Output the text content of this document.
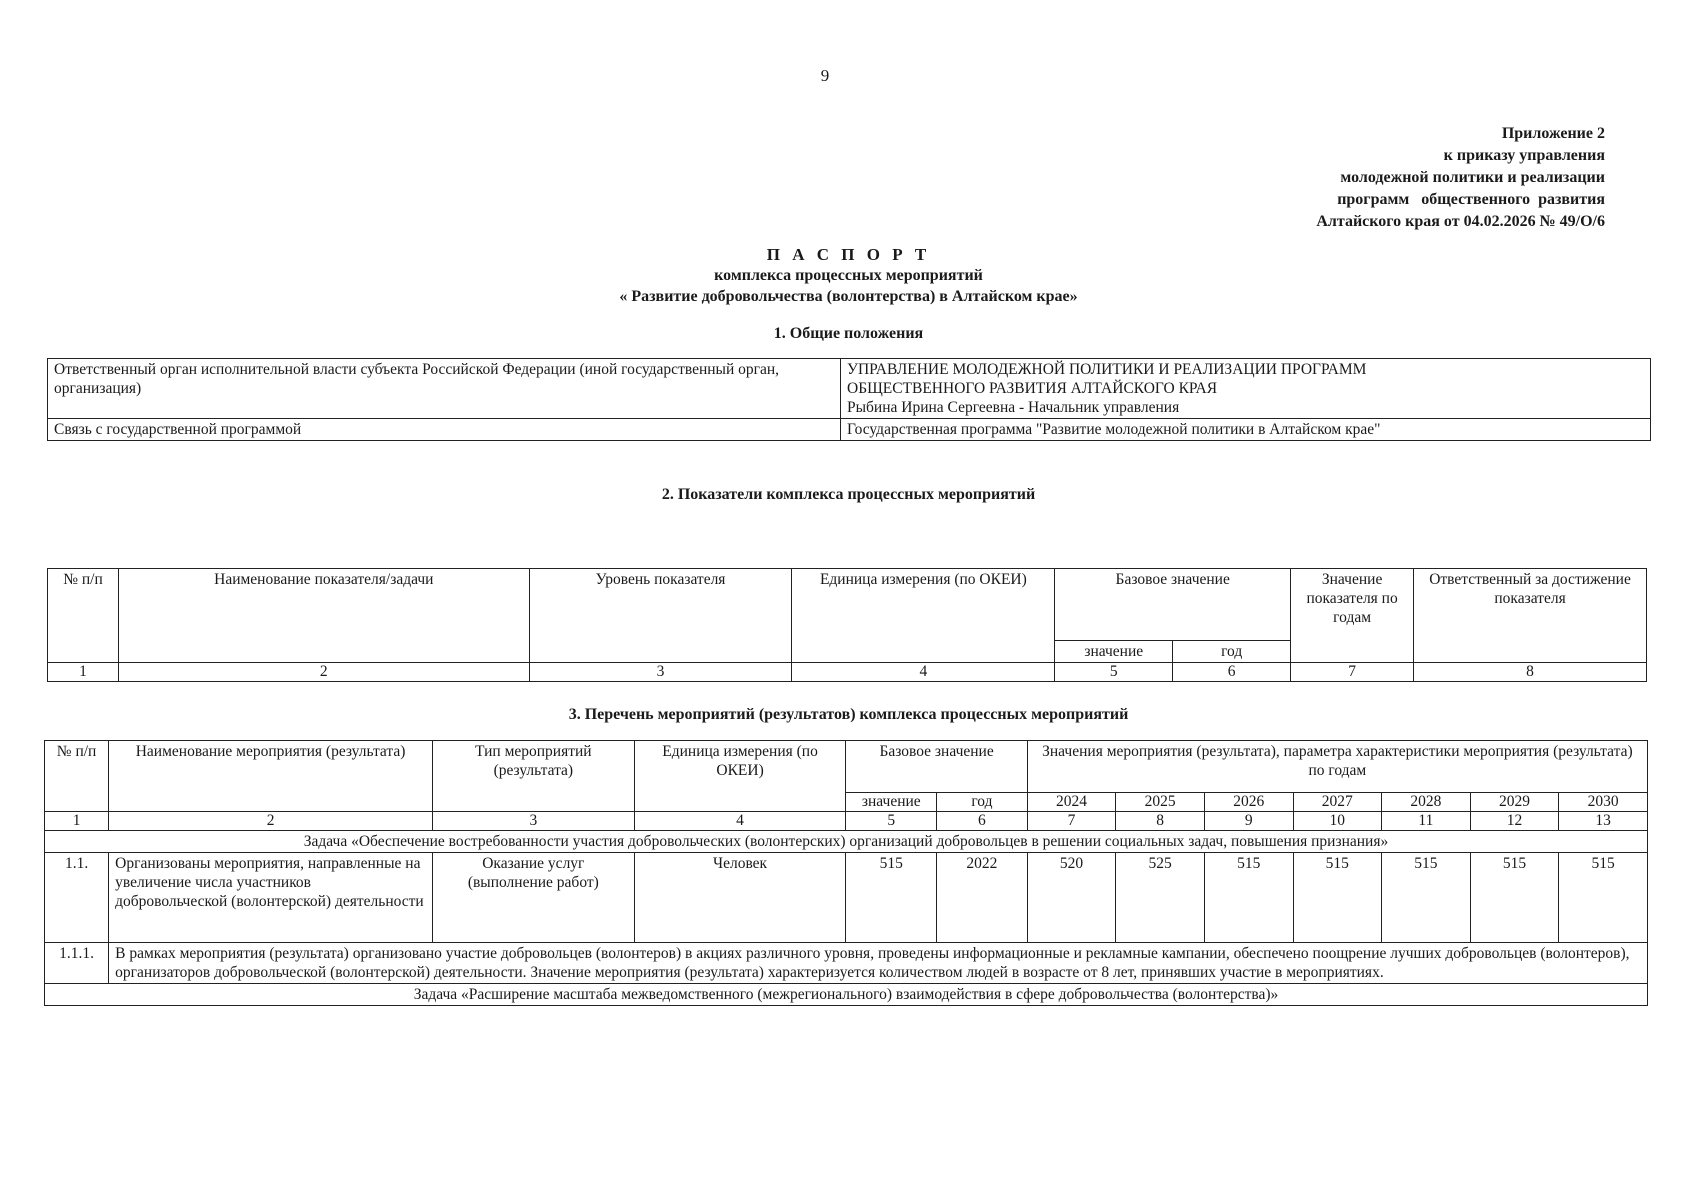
9
Приложение 2
к приказу управления
молодежной политики и реализации
программ   общественного  развития
Алтайского края от 04.02.2026 № 49/О/6
П А С П О Р Т
комплекса процессных мероприятий
« Развитие добровольчества (волонтерства) в Алтайском крае»
1. Общие положения
Ответственный орган исполнительной власти субъекта Российской Федерации (иной государственный орган, организация)	УПРАВЛЕНИЕ МОЛОДЕЖНОЙ ПОЛИТИКИ И РЕАЛИЗАЦИИ ПРОГРАММ
ОБЩЕСТВЕННОГО РАЗВИТИЯ АЛТАЙСКОГО КРАЯ
Рыбина Ирина Сергеевна - Начальник управления

Связь с государственной программой	Государственная программа "Развитие молодежной политики в Алтайском крае"
2. Показатели комплекса процессных мероприятий
№ п/п	Наименование показателя/задачи	Уровень показателя	Единица измерения (по ОКЕИ)	Базовое значение		Значение показателя по годам	Ответственный за достижение показателя
				значение	год		
1	2	3	4	5	6	7	8
3. Перечень мероприятий (результатов) комплекса процессных мероприятий
№ п/п	Наименование мероприятия (результата)	Тип мероприятий (результата)	Единица измерения (по ОКЕИ)	Базовое значение		Значения мероприятия (результата), параметра характеристики мероприятия (результата) по годам						
				значение	год	2024	2025	2026	2027	2028	2029	2030
1	2	3	4	5	6	7	8	9	10	11	12	13
Задача «Обеспечение востребованности участия добровольческих (волонтерских) организаций добровольцев в решении социальных задач, повышения признания»												
1.1.	Организованы мероприятия, направленные на увеличение числа участников добровольческой (волонтерской) деятельности	Оказание услуг (выполнение работ)	Человек	515	2022	520	525	515	515	515	515	515
1.1.1.	В рамках мероприятия (результата) организовано участие добровольцев (волонтеров) в акциях различного уровня, проведены информационные и рекламные кампании, обеспечено поощрение лучших добровольцев (волонтеров), организаторов добровольческой (волонтерской) деятельности. Значение мероприятия (результата) характеризуется количеством людей в возрасте от 8 лет, принявших участие в мероприятиях.											
Задача «Расширение масштаба межведомственного (межрегионального) взаимодействия в сфере добровольчества (волонтерства)»												
